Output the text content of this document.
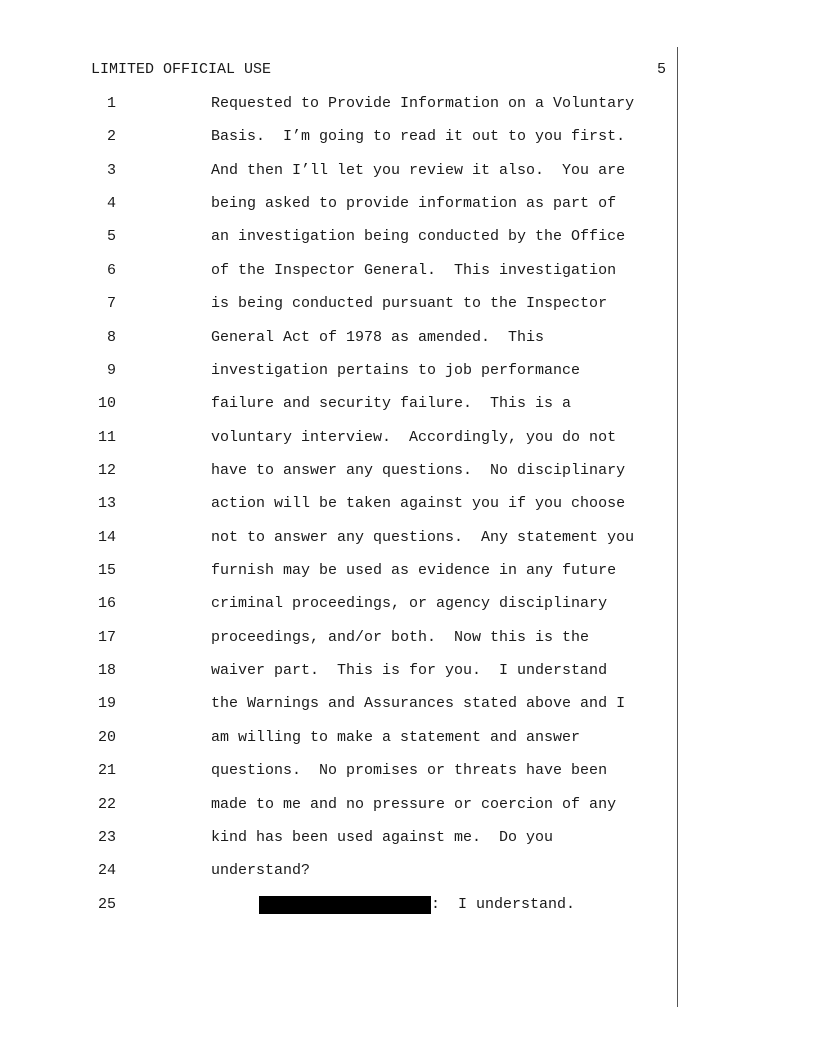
LIMITED OFFICIAL USE	5
1	Requested to Provide Information on a Voluntary
2	Basis.  I’m going to read it out to you first.
3	And then I’ll let you review it also.  You are
4	being asked to provide information as part of
5	an investigation being conducted by the Office
6	of the Inspector General.  This investigation
7	is being conducted pursuant to the Inspector
8	General Act of 1978 as amended.  This
9	investigation pertains to job performance
10	failure and security failure.  This is a
11	voluntary interview.  Accordingly, you do not
12	have to answer any questions.  No disciplinary
13	action will be taken against you if you choose
14	not to answer any questions.  Any statement you
15	furnish may be used as evidence in any future
16	criminal proceedings, or agency disciplinary
17	proceedings, and/or both.  Now this is the
18	waiver part.  This is for you.  I understand
19	the Warnings and Assurances stated above and I
20	am willing to make a statement and answer
21	questions.  No promises or threats have been
22	made to me and no pressure or coercion of any
23	kind has been used against me.  Do you
24	understand?
25	:  I understand.
